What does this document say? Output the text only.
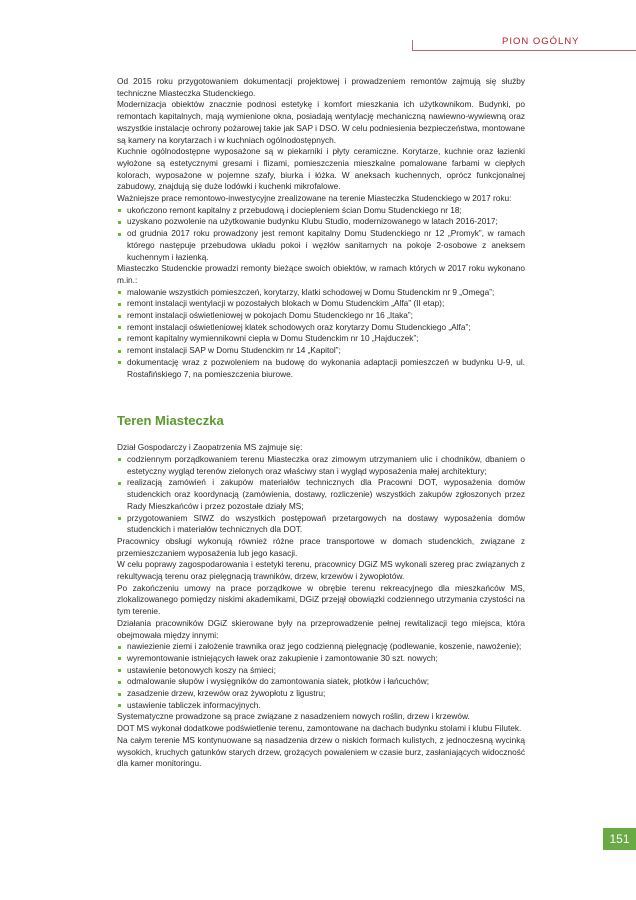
PION OGÓLNY

Od 2015 roku przygotowaniem dokumentacji projektowej i prowadzeniem remontów zajmują się służby techniczne Miasteczka Studenckiego.

Modernizacja obiektów znacznie podnosi estetykę i komfort mieszkania ich użytkownikom. Budynki, po remontach kapitalnych, mają wymienione okna, posiadają wentylację mechaniczną nawiewno-wywiewną oraz wszystkie instalacje ochrony pożarowej takie jak SAP i DSO. W celu podniesienia bezpieczeństwa, montowane są kamery na korytarzach i w kuchniach ogólnodostępnych.

Kuchnie ogólnodostępne wyposażone są w piekarniki i płyty ceramiczne. Korytarze, kuchnie oraz łazienki wyłożone są estetycznymi gresami i flizami, pomieszczenia mieszkalne pomalowane farbami w ciepłych kolorach, wyposażone w pojemne szafy, biurka i łóżka. W aneksach kuchennych, oprócz funkcjonalnej zabudowy, znajdują się duże lodówki i kuchenki mikrofalowe.

Ważniejsze prace remontowo-inwestycyjne zrealizowane na terenie Miasteczka Studenckiego w 2017 roku:

ukończono remont kapitalny z przebudową i dociepleniem ścian Domu Studenckiego nr 18;
uzyskano pozwolenie na użytkowanie budynku Klubu Studio, modernizowanego w latach 2016-2017;
od grudnia 2017 roku prowadzony jest remont kapitalny Domu Studenckiego nr 12 „Promyk”, w ramach którego następuje przebudowa układu pokoi i węzłów sanitarnych na pokoje 2-osobowe z aneksem kuchennym i łazienką.

Miasteczko Studenckie prowadzi remonty bieżące swoich obiektów, w ramach których w 2017 roku wykonano m.in.:

malowanie wszystkich pomieszczeń, korytarzy, klatki schodowej w Domu Studenckim nr 9 „Omega”;
remont instalacji wentylacji w pozostałych blokach w Domu Studenckim „Alfa” (II etap);
remont instalacji oświetleniowej w pokojach Domu Studenckiego nr 16 „Itaka”;
remont instalacji oświetleniowej klatek schodowych oraz korytarzy Domu Studenckiego „Alfa”;
remont kapitalny wymiennikowni ciepła w Domu Studenckim nr 10 „Hajduczek”;
remont instalacji SAP w Domu Studenckim nr 14 „Kapitol”;
dokumentację wraz z pozwoleniem na budowę do wykonania adaptacji pomieszczeń w budynku U-9, ul. Rostafińskiego 7, na pomieszczenia biurowe.
Teren Miasteczka

Dział Gospodarczy i Zaopatrzenia MS zajmuje się:

codziennym porządkowaniem terenu Miasteczka oraz zimowym utrzymaniem ulic i chodników, dbaniem o estetyczny wygląd terenów zielonych oraz właściwy stan i wygląd wyposażenia małej architektury;
realizacją zamówień i zakupów materiałów technicznych dla Pracowni DOT, wyposażenia domów studenckich oraz koordynacją (zamówienia, dostawy, rozliczenie) wszystkich zakupów zgłoszonych przez Rady Mieszkańców i przez pozostałe działy MS;
przygotowaniem SIWZ do wszystkich postępowań przetargowych na dostawy wyposażenia domów studenckich i materiałów technicznych dla DOT.

Pracownicy obsługi wykonują również różne prace transportowe w domach studenckich, związane z przemieszczaniem wyposażenia lub jego kasacji.

W celu poprawy zagospodarowania i estetyki terenu, pracownicy DGiZ MS wykonali szereg prac związanych z rekultywacją terenu oraz pielęgnacją trawników, drzew, krzewów i żywopłotów.

Po zakończeniu umowy na prace porządkowe w obrębie terenu rekreacyjnego dla mieszkańców MS, zlokalizowanego pomiędzy niskimi akademikami, DGiZ przejął obowiązki codziennego utrzymania czystości na tym terenie.

Działania pracowników DGiZ skierowane były na przeprowadzenie pełnej rewitalizacji tego miejsca, która obejmowała między innymi:

nawiezienie ziemi i założenie trawnika oraz jego codzienną pielęgnację (podlewanie, koszenie, nawożenie);
wyremontowanie istniejących ławek oraz zakupienie i zamontowanie 30 szt. nowych;
ustawienie betonowych koszy na śmieci;
odmalowanie słupów i wysięgników do zamontowania siatek, płotków i łańcuchów;
zasadzenie drzew, krzewów oraz żywopłotu z ligustru;
ustawienie tabliczek informacyjnych.

Systematyczne prowadzone są prace związane z nasadzeniem nowych roślin, drzew i krzewów.

DOT MS wykonał dodatkowe podświetlenie terenu, zamontowane na dachach budynku stolami i klubu Filutek.

Na całym terenie MS kontynuowane są nasadzenia drzew o niskich formach kulistych, z jednoczesną wycinką wysokich, kruchych gatunków starych drzew, grożących powaleniem w czasie burz, zasłaniających widoczność dla kamer monitoringu.

151
